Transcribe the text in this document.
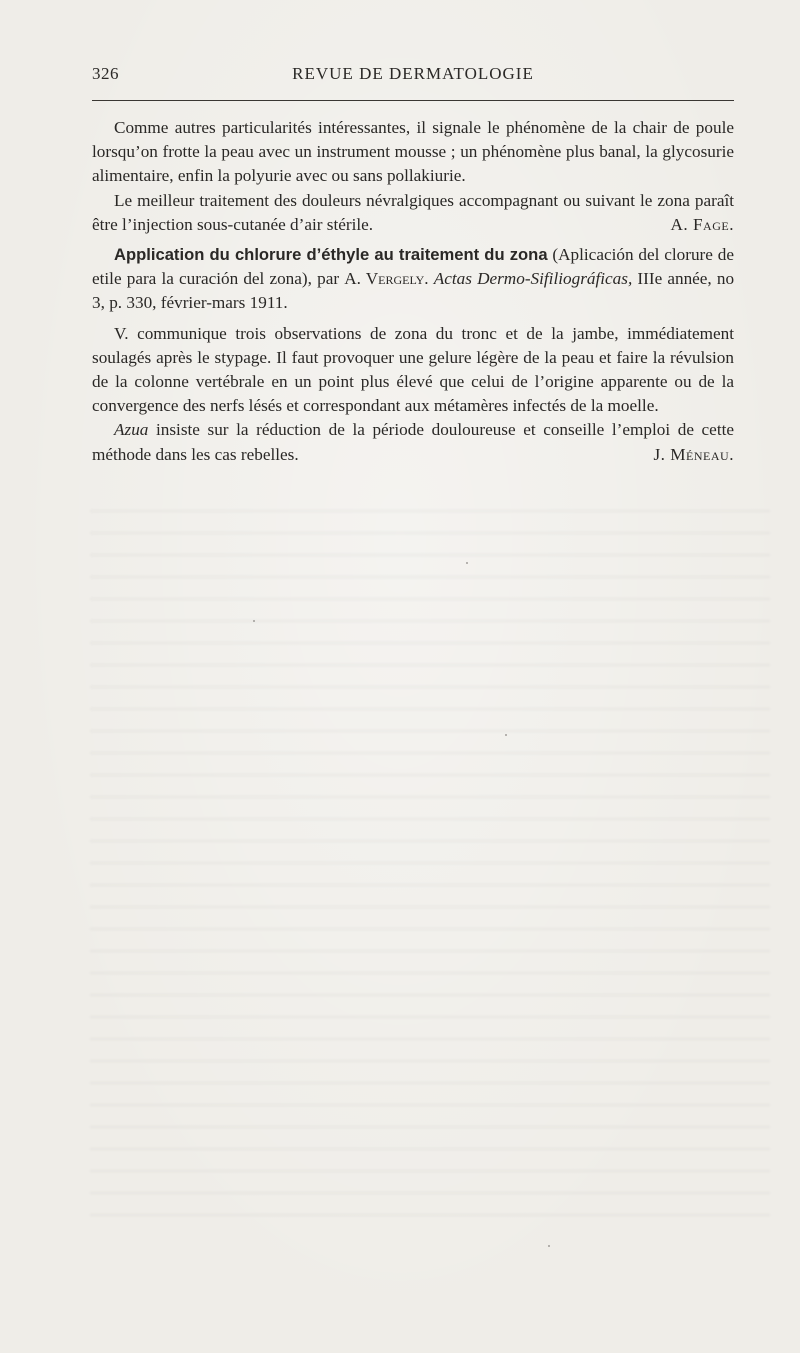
326	REVUE DE DERMATOLOGIE

Comme autres particularités intéressantes, il signale le phénomène de la chair de poule lorsqu’on frotte la peau avec un instrument mousse ; un phénomène plus banal, la glycosurie alimentaire, enfin la polyurie avec ou sans pollakiurie.

Le meilleur traitement des douleurs névralgiques accompagnant ou suivant le zona paraît être l’injection sous-cutanée d’air stérile.	A. Fage.

Application du chlorure d’éthyle au traitement du zona (Aplicación del clorure de etile para la curación del zona), par A. Vergely. Actas Dermo-Sifiliográficas, IIIe année, no 3, p. 330, février-mars 1911.

V. communique trois observations de zona du tronc et de la jambe, immédiatement soulagés après le stypage. Il faut provoquer une gelure légère de la peau et faire la révulsion de la colonne vertébrale en un point plus élevé que celui de l’origine apparente ou de la convergence des nerfs lésés et correspondant aux métamères infectés de la moelle.

Azua insiste sur la réduction de la période douloureuse et conseille l’emploi de cette méthode dans les cas rebelles.	J. Méneau.
